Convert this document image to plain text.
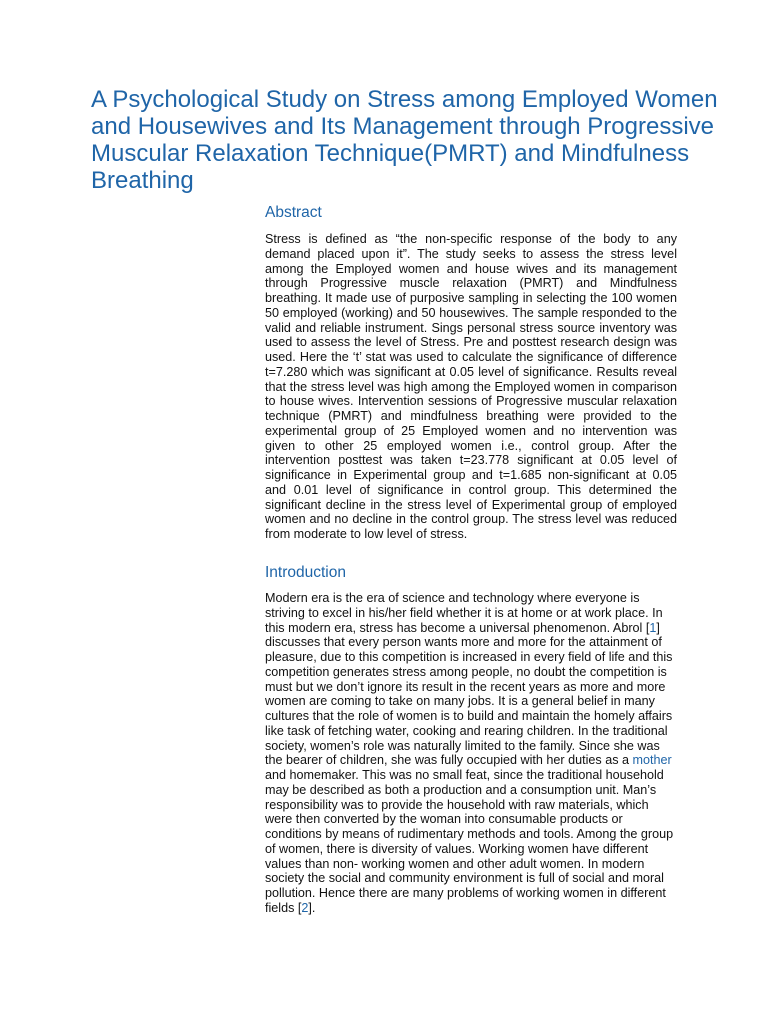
A Psychological Study on Stress among Employed Women and Housewives and Its Management through Progressive Muscular Relaxation Technique(PMRT) and Mindfulness Breathing
Abstract

Stress is defined as “the non-specific response of the body to any demand placed upon it”. The study seeks to assess the stress level among the Employed women and house wives and its management through Progressive muscle relaxation (PMRT) and Mindfulness breathing. It made use of purposive sampling in selecting the 100 women 50 employed (working) and 50 housewives. The sample responded to the valid and reliable instrument. Sings personal stress source inventory was used to assess the level of Stress. Pre and posttest research design was used. Here the ‘t’ stat was used to calculate the significance of difference t=7.280 which was significant at 0.05 level of significance. Results reveal that the stress level was high among the Employed women in comparison to house wives. Intervention sessions of Progressive muscular relaxation technique (PMRT) and mindfulness breathing were provided to the experimental group of 25 Employed women and no intervention was given to other 25 employed women i.e., control group. After the intervention posttest was taken t=23.778 significant at 0.05 level of significance in Experimental group and t=1.685 non-significant at 0.05 and 0.01 level of significance in control group. This determined the significant decline in the stress level of Experimental group of employed women and no decline in the control group. The stress level was reduced from moderate to low level of stress.

Introduction

Modern era is the era of science and technology where everyone is striving to excel in his/her field whether it is at home or at work place. In this modern era, stress has become a universal phenomenon. Abrol [1] discusses that every person wants more and more for the attainment of pleasure, due to this competition is increased in every field of life and this competition generates stress among people, no doubt the competition is must but we don’t ignore its result in the recent years as more and more women are coming to take on many jobs. It is a general belief in many cultures that the role of women is to build and maintain the homely affairs like task of fetching water, cooking and rearing children. In the traditional society, women’s role was naturally limited to the family. Since she was the bearer of children, she was fully occupied with her duties as a mother and homemaker. This was no small feat, since the traditional household may be described as both a production and a consumption unit. Man’s responsibility was to provide the household with raw materials, which were then converted by the woman into consumable products or conditions by means of rudimentary methods and tools. Among the group of women, there is diversity of values. Working women have different values than non- working women and other adult women. In modern society the social and community environment is full of social and moral pollution. Hence there are many problems of working women in different fields [2].
